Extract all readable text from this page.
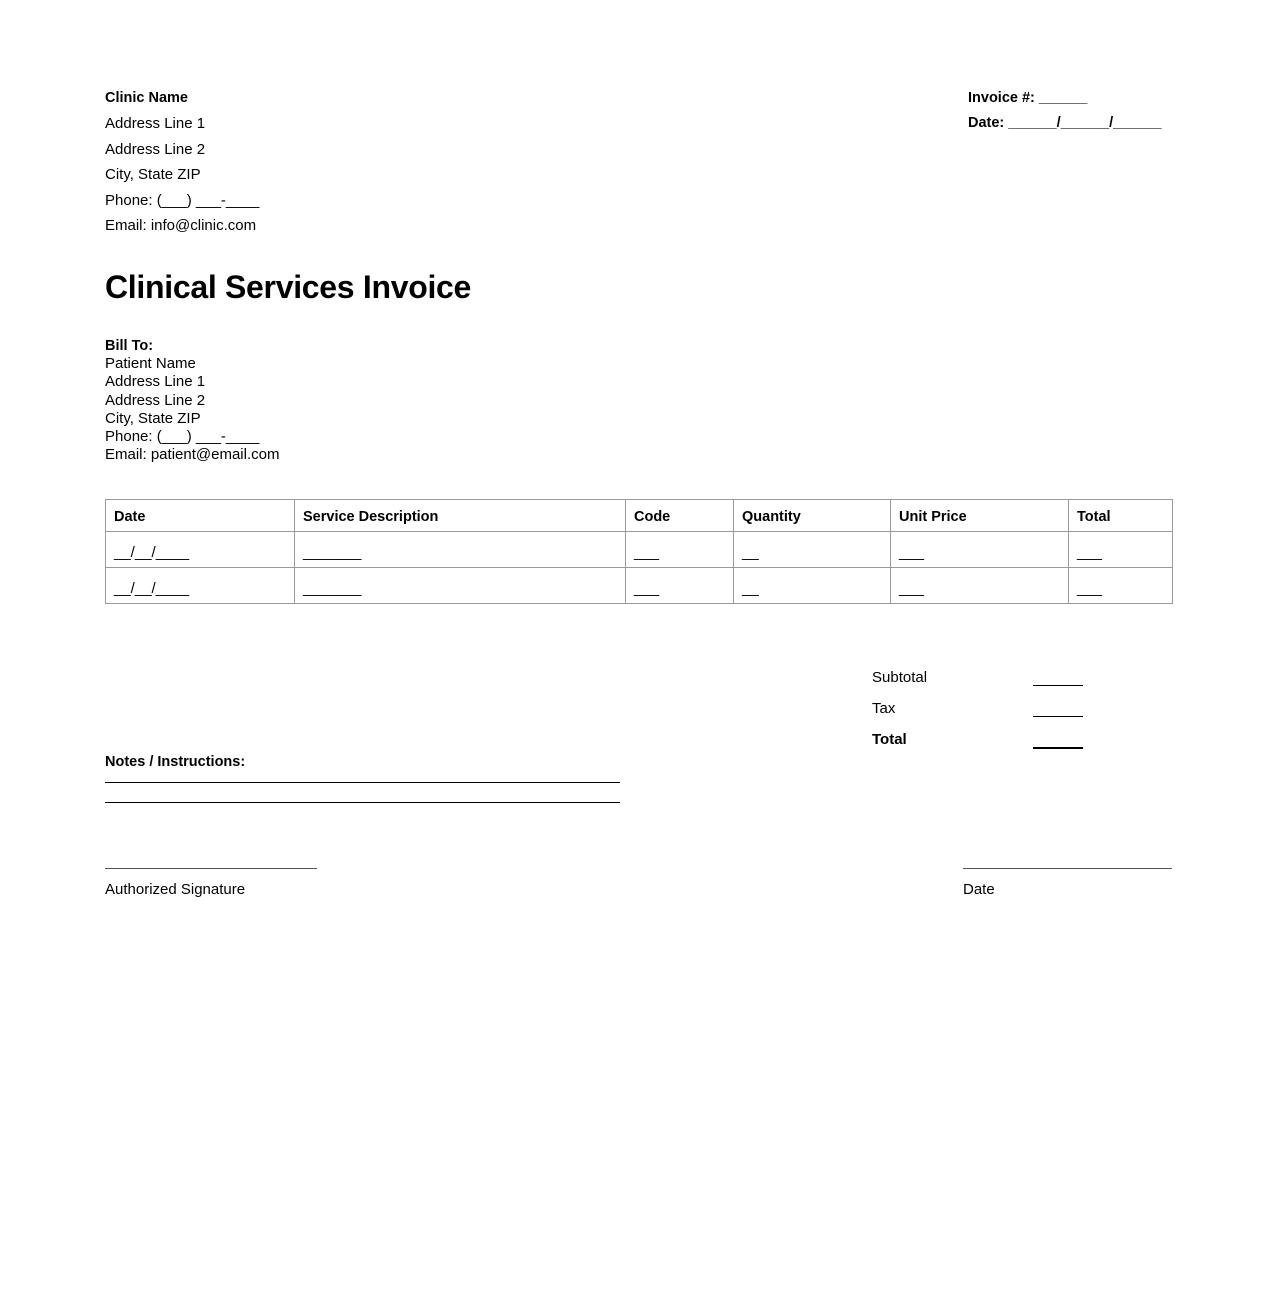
Clinic Name
Address Line 1
Address Line 2
City, State ZIP
Phone: (___) ___-____
Email: info@clinic.com
Invoice #: ______
Date: ______/______/______
Clinical Services Invoice
Bill To:
Patient Name
Address Line 1
Address Line 2
City, State ZIP
Phone: (___) ___-____
Email: patient@email.com
Date	Service Description	Code	Quantity	Unit Price	Total
__/__/____	_______	___	__	___	___
__/__/____	_______	___	__	___	___
Subtotal
Tax
Total
Notes / Instructions:
Authorized Signature	Date
